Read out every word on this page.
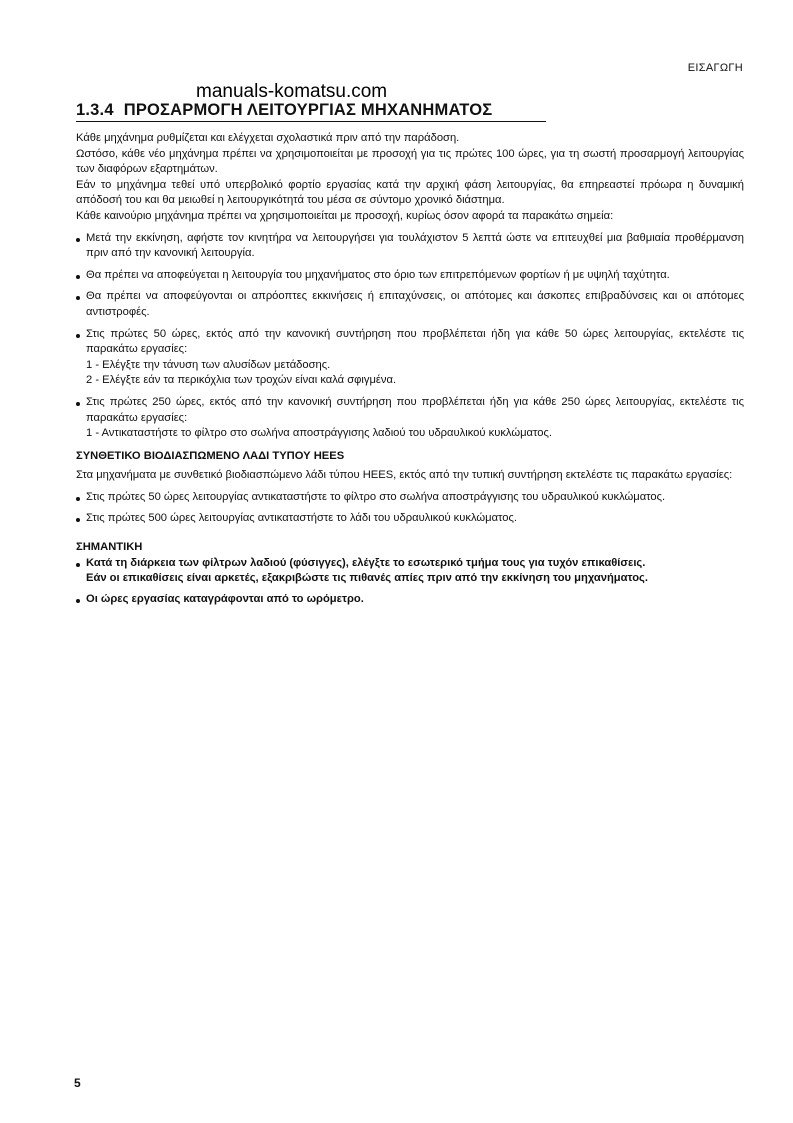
ΕΙΣΑΓΩΓΗ
manuals-komatsu.com
1.3.4 ΠΡΟΣΑΡΜΟΓΗ ΛΕΙΤΟΥΡΓΙΑΣ ΜΗΧΑΝΗΜΑΤΟΣ

Κάθε μηχάνημα ρυθμίζεται και ελέγχεται σχολαστικά πριν από την παράδοση.

Ωστόσο, κάθε νέο μηχάνημα πρέπει να χρησιμοποιείται με προσοχή για τις πρώτες 100 ώρες, για τη σωστή προσαρμογή λειτουργίας των διαφόρων εξαρτημάτων.

Εάν το μηχάνημα τεθεί υπό υπερβολικό φορτίο εργασίας κατά την αρχική φάση λειτουργίας, θα επηρεαστεί πρόωρα η δυναμική απόδοσή του και θα μειωθεί η λειτουργικότητά του μέσα σε σύντομο χρονικό διάστημα.

Κάθε καινούριο μηχάνημα πρέπει να χρησιμοποιείται με προσοχή, κυρίως όσον αφορά τα παρακάτω σημεία:

Μετά την εκκίνηση, αφήστε τον κινητήρα να λειτουργήσει για τουλάχιστον 5 λεπτά ώστε να επιτευχθεί μια βαθμιαία προθέρμανση πριν από την κανονική λειτουργία.
Θα πρέπει να αποφεύγεται η λειτουργία του μηχανήματος στο όριο των επιτρεπόμενων φορτίων ή με υψηλή ταχύτητα.
Θα πρέπει να αποφεύγονται οι απρόοπτες εκκινήσεις ή επιταχύνσεις, οι απότομες και άσκοπες επιβραδύνσεις και οι απότομες αντιστροφές.
Στις πρώτες 50 ώρες, εκτός από την κανονική συντήρηση που προβλέπεται ήδη για κάθε 50 ώρες λειτουργίας, εκτελέστε τις παρακάτω εργασίες:
1 - Ελέγξτε την τάνυση των αλυσίδων μετάδοσης.
2 - Ελέγξτε εάν τα περικόχλια των τροχών είναι καλά σφιγμένα.
Στις πρώτες 250 ώρες, εκτός από την κανονική συντήρηση που προβλέπεται ήδη για κάθε 250 ώρες λειτουργίας, εκτελέστε τις παρακάτω εργασίες:
1 - Αντικαταστήστε το φίλτρο στο σωλήνα αποστράγγισης λαδιού του υδραυλικού κυκλώματος.

ΣΥΝΘΕΤΙΚΟ ΒΙΟΔΙΑΣΠΩΜΕΝΟ ΛΑΔΙ ΤΥΠΟΥ HEES

Στα μηχανήματα με συνθετικό βιοδιασπώμενο λάδι τύπου HEES, εκτός από την τυπική συντήρηση εκτελέστε τις παρακάτω εργασίες:

Στις πρώτες 50 ώρες λειτουργίας αντικαταστήστε το φίλτρο στο σωλήνα αποστράγγισης του υδραυλικού κυκλώματος.
Στις πρώτες 500 ώρες λειτουργίας αντικαταστήστε το λάδι του υδραυλικού κυκλώματος.

ΣΗΜΑΝΤΙΚΗ

Κατά τη διάρκεια των φίλτρων λαδιού (φύσιγγες), ελέγξτε το εσωτερικό τμήμα τους για τυχόν επικαθίσεις.
Εάν οι επικαθίσεις είναι αρκετές, εξακριβώστε τις πιθανές απίες πριν από την εκκίνηση του μηχανήματος.
Οι ώρες εργασίας καταγράφονται από το ωρόμετρο.
5
